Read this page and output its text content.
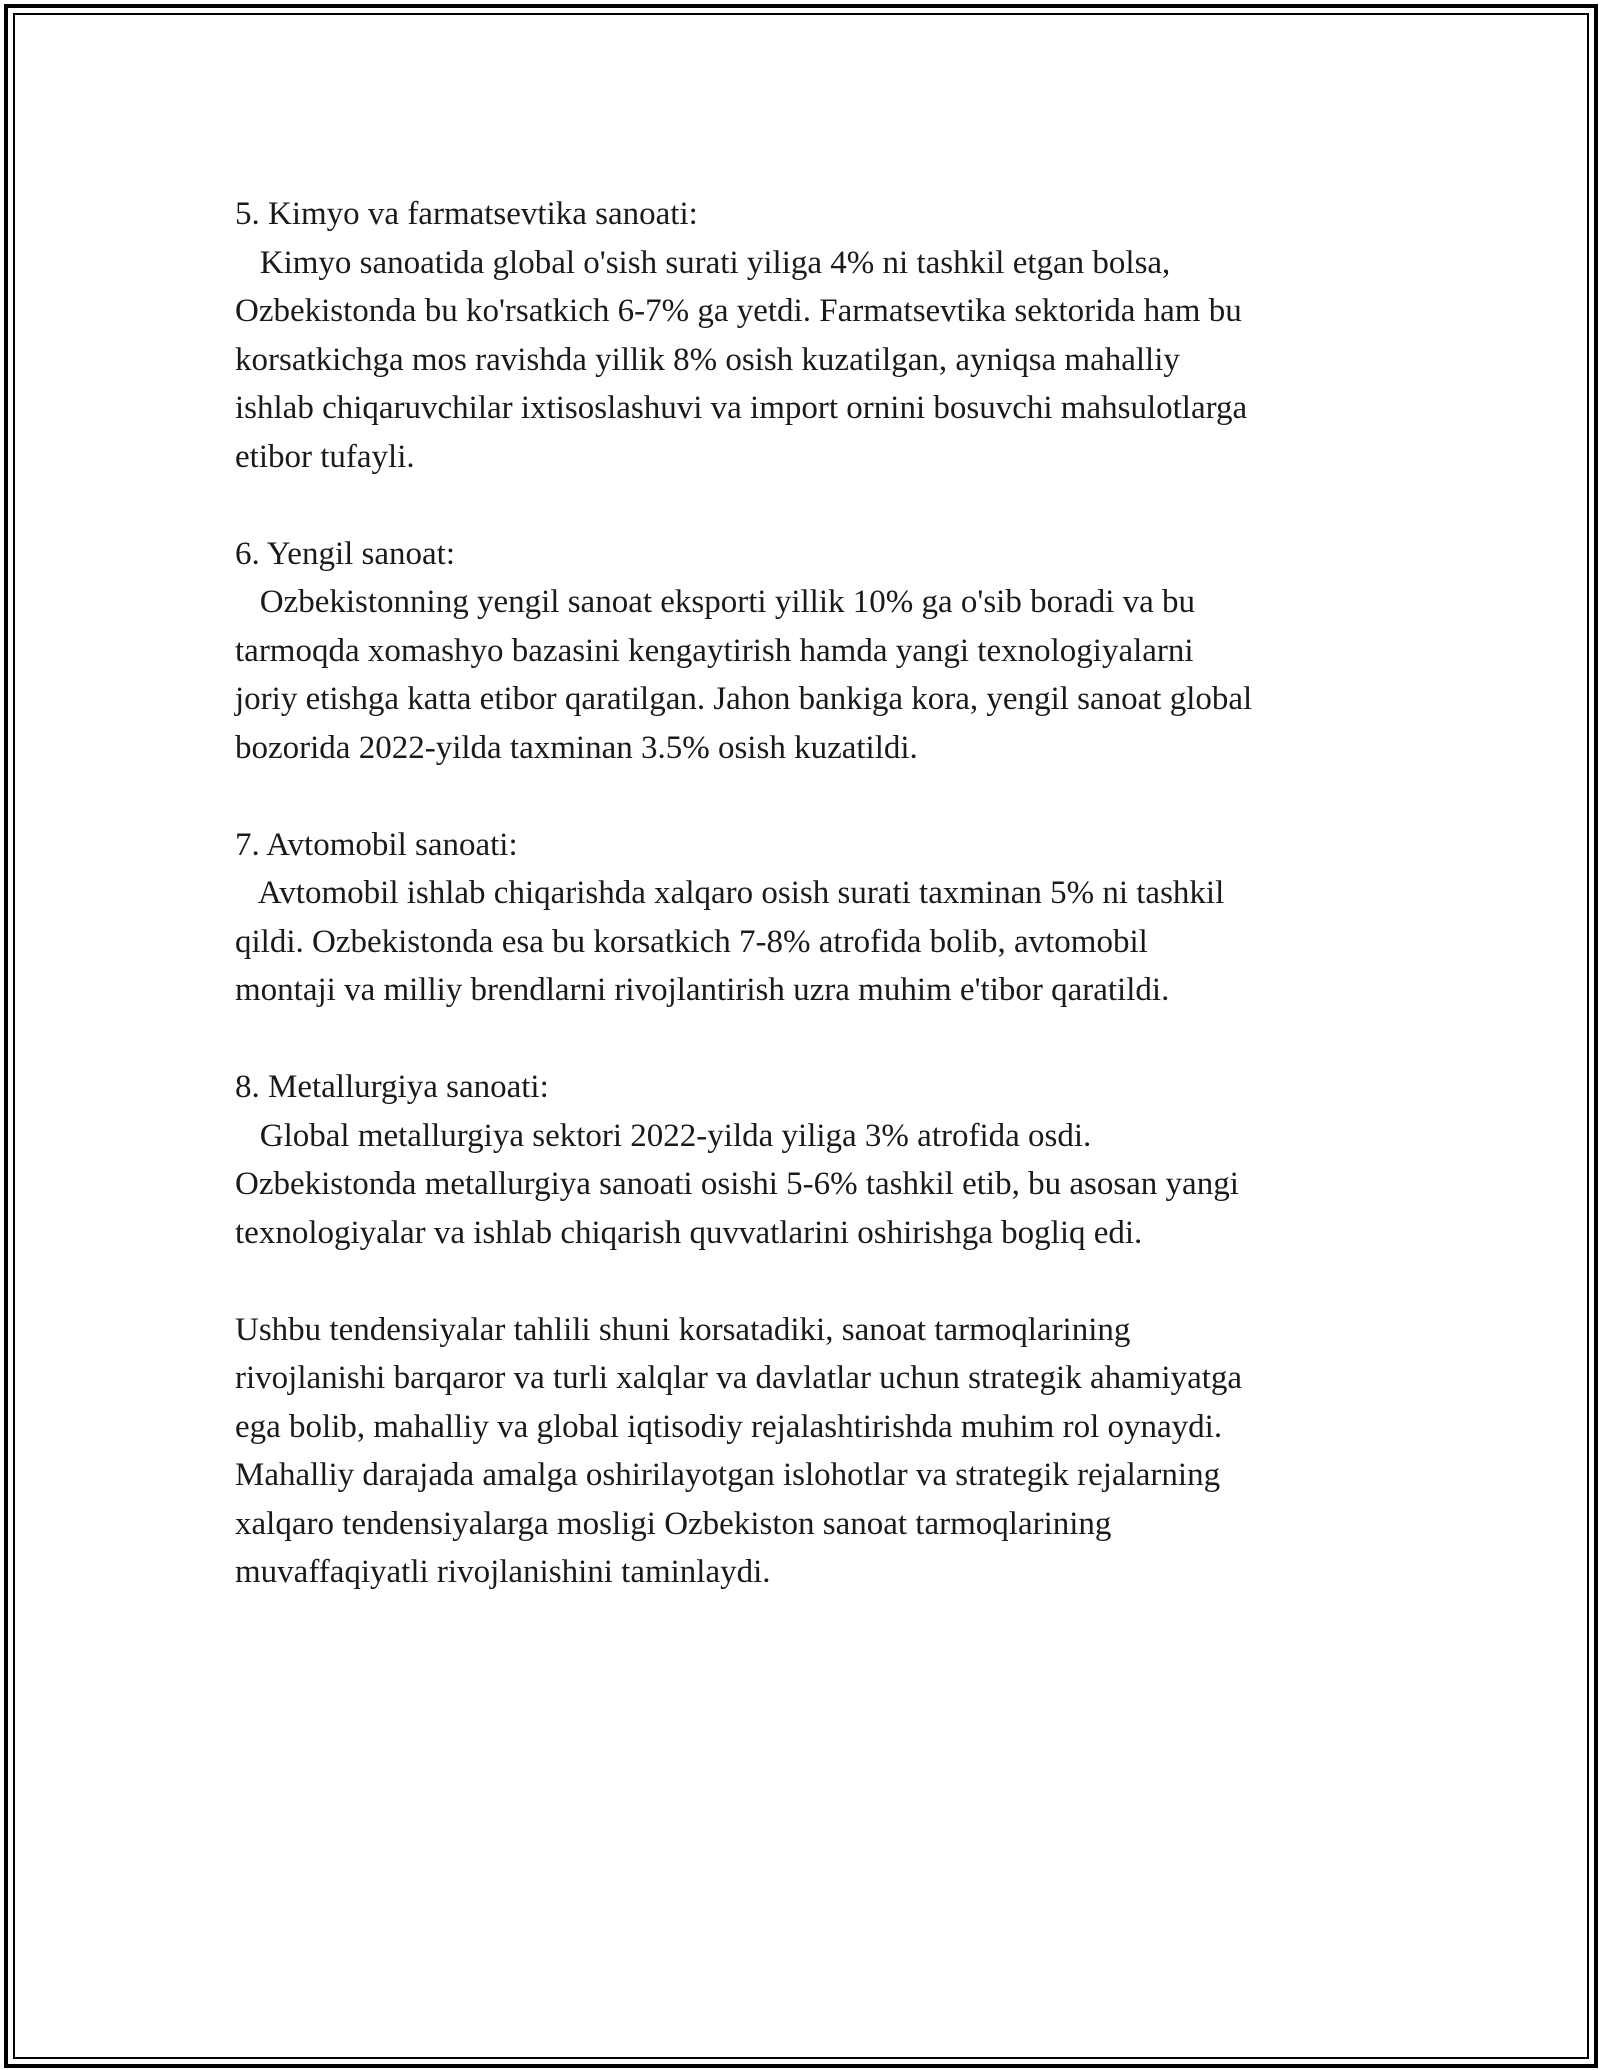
5. Kimyo va farmatsevtika sanoati:
Kimyo sanoatida global o'sish surati yiliga 4% ni tashkil etgan bolsa,
Ozbekistonda bu ko'rsatkich 6-7% ga yetdi. Farmatsevtika sektorida ham bu
korsatkichga mos ravishda yillik 8% osish kuzatilgan, ayniqsa mahalliy
ishlab chiqaruvchilar ixtisoslashuvi va import ornini bosuvchi mahsulotlarga
etibor tufayli.
6. Yengil sanoat:
Ozbekistonning yengil sanoat eksporti yillik 10% ga o'sib boradi va bu
tarmoqda xomashyo bazasini kengaytirish hamda yangi texnologiyalarni
joriy etishga katta etibor qaratilgan. Jahon bankiga kora, yengil sanoat global
bozorida 2022-yilda taxminan 3.5% osish kuzatildi.
7. Avtomobil sanoati:
Avtomobil ishlab chiqarishda xalqaro osish surati taxminan 5% ni tashkil
qildi. Ozbekistonda esa bu korsatkich 7-8% atrofida bolib, avtomobil
montaji va milliy brendlarni rivojlantirish uzra muhim e'tibor qaratildi.
8. Metallurgiya sanoati:
Global metallurgiya sektori 2022-yilda yiliga 3% atrofida osdi.
Ozbekistonda metallurgiya sanoati osishi 5-6% tashkil etib, bu asosan yangi
texnologiyalar va ishlab chiqarish quvvatlarini oshirishga bogliq edi.
Ushbu tendensiyalar tahlili shuni korsatadiki, sanoat tarmoqlarining
rivojlanishi barqaror va turli xalqlar va davlatlar uchun strategik ahamiyatga
ega bolib, mahalliy va global iqtisodiy rejalashtirishda muhim rol oynaydi.
Mahalliy darajada amalga oshirilayotgan islohotlar va strategik rejalarning
xalqaro tendensiyalarga mosligi Ozbekiston sanoat tarmoqlarining
muvaffaqiyatli rivojlanishini taminlaydi.
